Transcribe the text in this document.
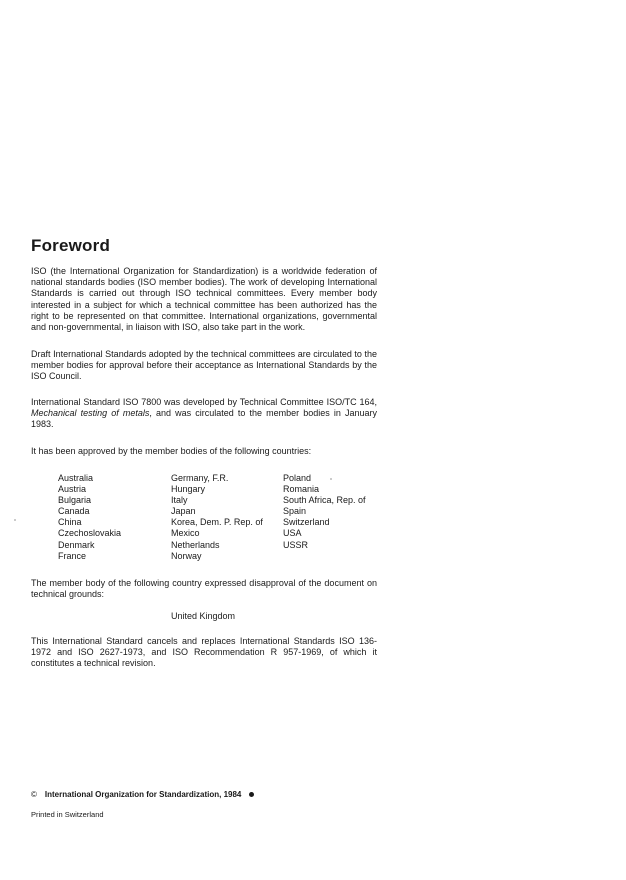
Foreword

ISO (the International Organization for Standardization) is a worldwide federation of national standards bodies (ISO member bodies). The work of developing International Standards is carried out through ISO technical committees. Every member body interested in a subject for which a technical committee has been authorized has the right to be represented on that committee. International organizations, governmental and non-governmental, in liaison with ISO, also take part in the work.

Draft International Standards adopted by the technical committees are circulated to the member bodies for approval before their acceptance as International Standards by the ISO Council.

International Standard ISO 7800 was developed by Technical Committee ISO/TC 164, Mechanical testing of metals, and was circulated to the member bodies in January 1983.

It has been approved by the member bodies of the following countries:

Australia
Austria
Bulgaria
Canada
China
Czechoslovakia
Denmark
France
Germany, F.R.
Hungary
Italy
Japan
Korea, Dem. P. Rep. of
Mexico
Netherlands
Norway
Poland
Romania
South Africa, Rep. of
Spain
Switzerland
USA
USSR

The member body of the following country expressed disapproval of the document on technical grounds:

United Kingdom

This International Standard cancels and replaces International Standards ISO 136-1972 and ISO 2627-1973, and ISO Recommendation R 957-1969, of which it constitutes a technical revision.

© International Organization for Standardization, 1984

Printed in Switzerland
